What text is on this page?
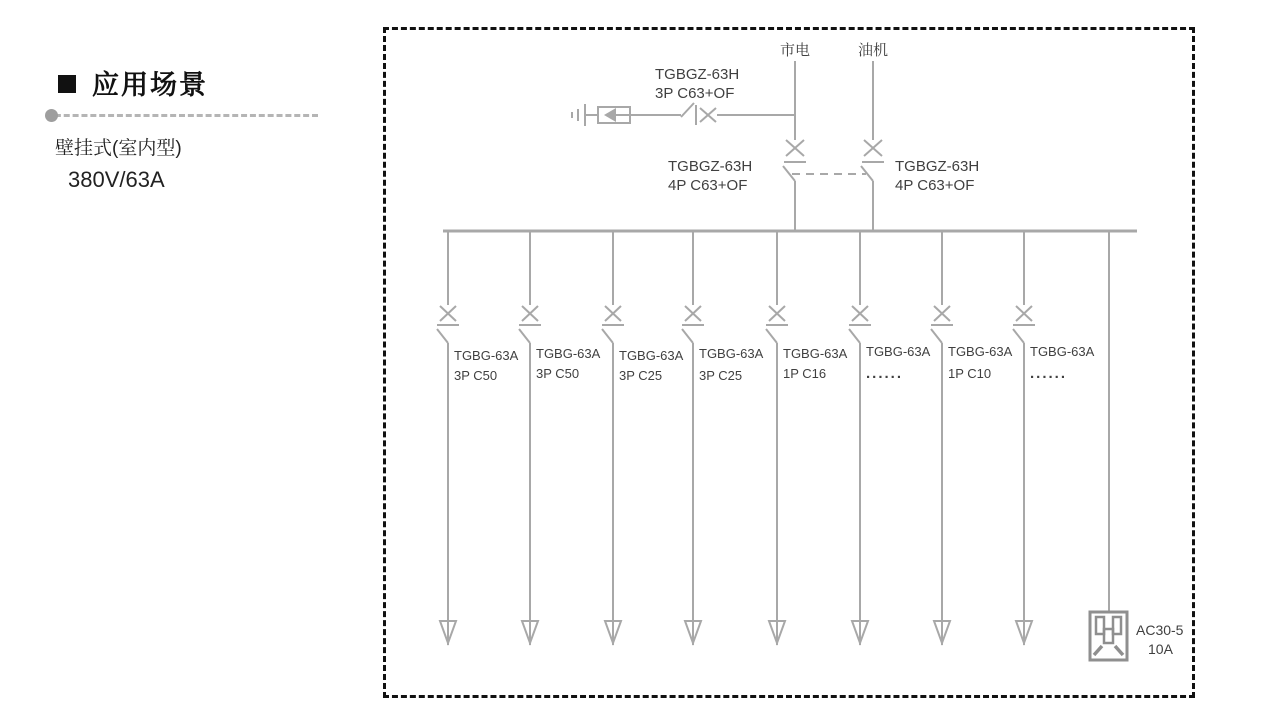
应用场景
壁挂式(室内型)
380V/63A
市电	油机
TGBGZ-63H
3P C63+OF
TGBGZ-63H
4P C63+OF
TGBGZ-63H
4P C63+OF
TGBG-63A
3P C50
TGBG-63A
3P C50
TGBG-63A
3P C25
TGBG-63A
3P C25
TGBG-63A
1P C16
TGBG-63A
......
TGBG-63A
1P C10
TGBG-63A
......
AC30-5
10A
